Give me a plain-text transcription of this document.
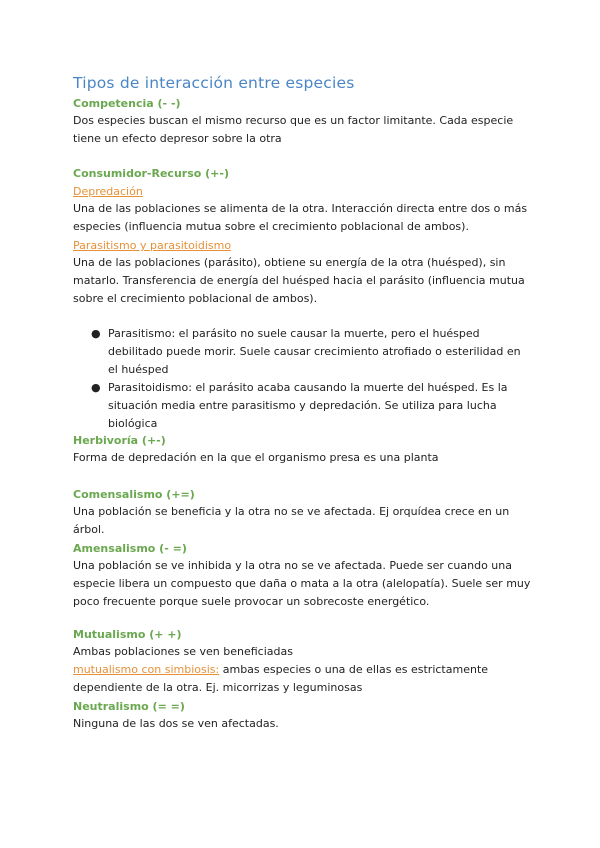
Tipos de interacción entre especies
Competencia (- -)
Dos especies buscan el mismo recurso que es un factor limitante. Cada especie tiene un efecto depresor sobre la otra
Consumidor-Recurso (+-)
Depredación
Una de las poblaciones se alimenta de la otra. Interacción directa entre dos o más especies (influencia mutua sobre el crecimiento poblacional de ambos).
Parasitismo y parasitoidismo
Una de las poblaciones (parásito), obtiene su energía de la otra (huésped), sin matarlo. Transferencia de energía del huésped hacia el parásito (influencia mutua sobre el crecimiento poblacional de ambos).
● Parasitismo: el parásito no suele causar la muerte, pero el huésped debilitado puede morir. Suele causar crecimiento atrofiado o esterilidad en el huésped
● Parasitoidismo: el parásito acaba causando la muerte del huésped. Es la situación media entre parasitismo y depredación. Se utiliza para lucha biológica
Herbivoría (+-)
Forma de depredación en la que el organismo presa es una planta
Comensalismo (+=)
Una población se beneficia y la otra no se ve afectada. Ej orquídea crece en un árbol.
Amensalismo (- =)
Una población se ve inhibida y la otra no se ve afectada. Puede ser cuando una especie libera un compuesto que daña o mata a la otra (alelopatía). Suele ser muy poco frecuente porque suele provocar un sobrecoste energético.
Mutualismo (+ +)
Ambas poblaciones se ven beneficiadas
mutualismo con simbiosis: ambas especies o una de ellas es estrictamente dependiente de la otra. Ej. micorrizas y leguminosas
Neutralismo (= =)
Ninguna de las dos se ven afectadas.
